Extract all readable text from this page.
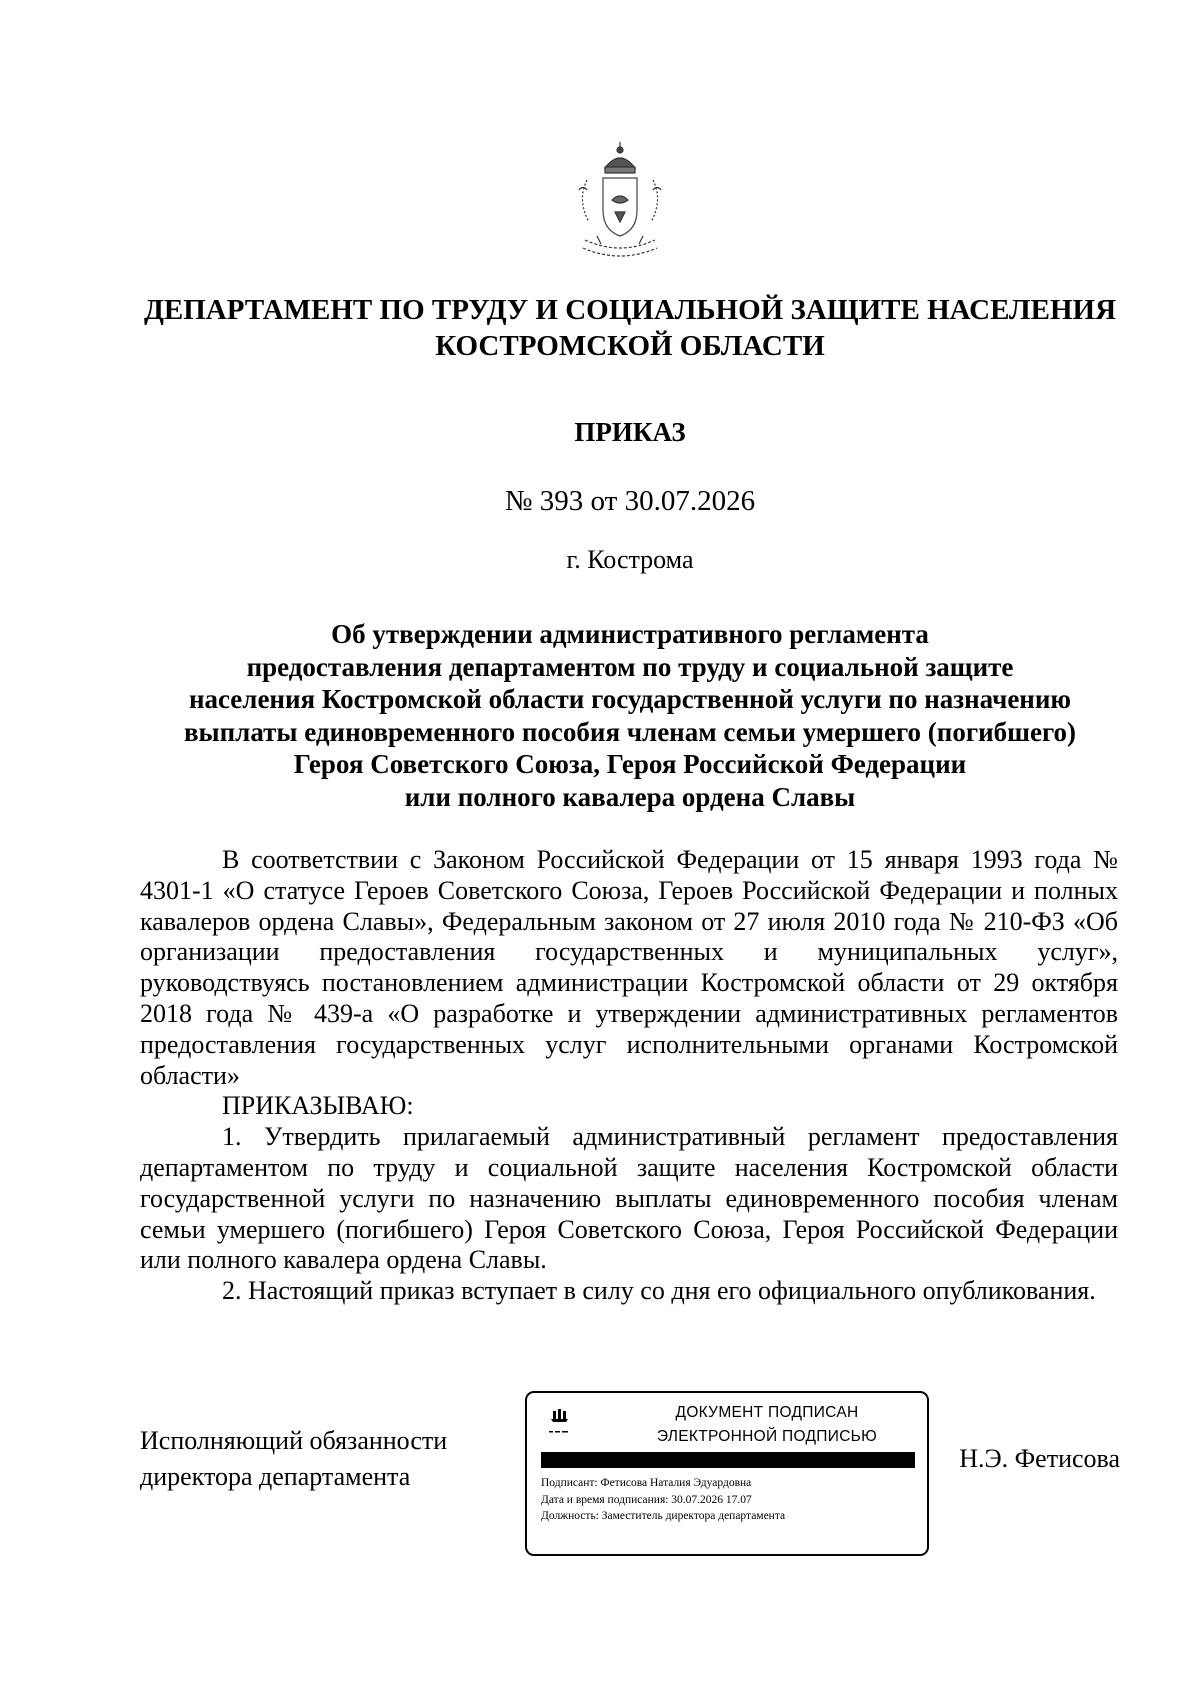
ДЕПАРТАМЕНТ ПО ТРУДУ И СОЦИАЛЬНОЙ ЗАЩИТЕ НАСЕЛЕНИЯ
КОСТРОМСКОЙ ОБЛАСТИ
ПРИКАЗ
№ 393 от 30.07.2026
г. Кострома
Об утверждении административного регламента
предоставления департаментом по труду и социальной защите
населения Костромской области государственной услуги по назначению
выплаты единовременного пособия членам семьи умершего (погибшего)
Героя Советского Союза, Героя Российской Федерации
или полного кавалера ордена Славы

В соответствии с Законом Российской Федерации от 15 января 1993 года № 4301-1 «О статусе Героев Советского Союза, Героев Российской Федерации и полных кавалеров ордена Славы», Федеральным законом от 27 июля 2010 года № 210-ФЗ «Об организации предоставления государственных и муниципальных услуг», руководствуясь постановлением администрации Костромской области от 29 октября 2018 года № 439-а «О разработке и утверждении административных регламентов предоставления государственных услуг исполнительными органами Костромской области»

ПРИКАЗЫВАЮ:

1. Утвердить прилагаемый административный регламент предоставления департаментом по труду и социальной защите населения Костромской области государственной услуги по назначению выплаты единовременного пособия членам семьи умершего (погибшего) Героя Советского Союза, Героя Российской Федерации или полного кавалера ордена Славы.

2. Настоящий приказ вступает в силу со дня его официального опубликования.

Исполняющий обязанности
директора департамента
ДОКУМЕНТ ПОДПИСАН
ЭЛЕКТРОННОЙ ПОДПИСЬЮ
Подписант: Фетисова Наталия Эдуардовна
Дата и время подписания: 30.07.2026 17.07
Должность: Заместитель директора департамента
Н.Э. Фетисова
